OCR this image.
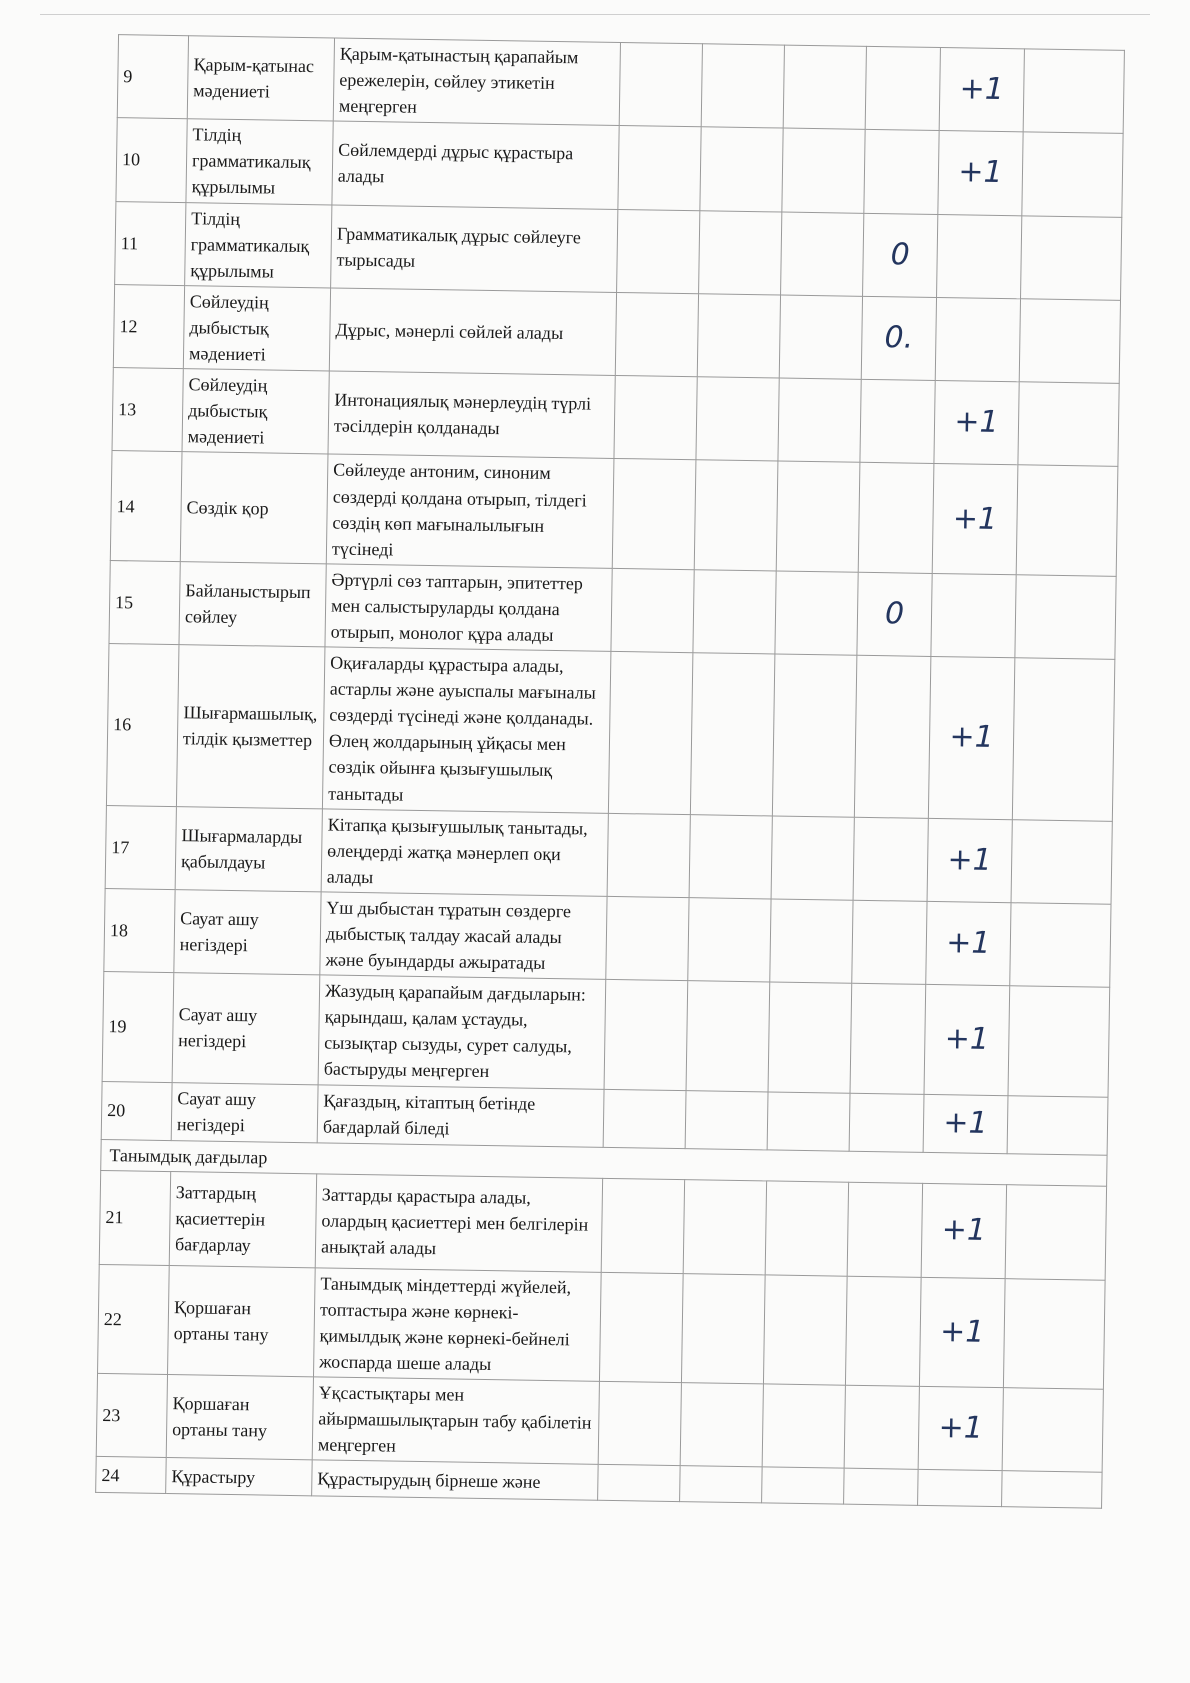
9	Қарым-қатынас мәдениеті	Қарым-қатынастың қарапайым ережелерін, сөйлеу этикетін меңгерген					+1	
10	Тілдің грамматикалық құрылымы	Сөйлемдерді дұрыс құрастыра алады					+1	
11	Тілдің грамматикалық құрылымы	Грамматикалық дұрыс сөйлеуге тырысады				0		
12	Сөйлеудің дыбыстық мәдениеті	Дұрыс, мәнерлі сөйлей алады				0.		
13	Сөйлеудің дыбыстық мәдениеті	Интонациялық мәнерлеудің түрлі тәсілдерін қолданады					+1	
14	Сөздік қор	Сөйлеуде антоним, синоним сөздерді қолдана отырып, тілдегі сөздің көп мағыналылығын түсінеді					+1	
15	Байланыстырып сөйлеу	Әртүрлі сөз таптарын, эпитеттер мен салыстыруларды қолдана отырып, монолог құра алады				0		
16	Шығармашылық, тілдік қызметтер	Оқиғаларды құрастыра алады, астарлы және ауыспалы мағыналы сөздерді түсінеді және қолданады. Өлең жолдарының ұйқасы мен сөздік ойынға қызығушылық танытады					+1	
17	Шығармаларды қабылдауы	Кітапқа қызығушылық танытады, өлеңдерді жатқа мәнерлеп оқи алады					+1	
18	Сауат ашу негіздері	Үш дыбыстан тұратын сөздерге дыбыстық талдау жасай алады және буындарды ажыратады					+1	
19	Сауат ашу негіздері	Жазудың қарапайым дағдыларын: қарындаш, қалам ұстауды, сызықтар сызуды, сурет салуды, бастыруды меңгерген					+1	
20	Сауат ашу негіздері	Қағаздың, кітаптың бетінде бағдарлай біледі					+1	
Танымдық дағдылар								
21	Заттардың қасиеттерін бағдарлау	Заттарды қарастыра алады, олардың қасиеттері мен белгілерін анықтай алады					+1	
22	Қоршаған ортаны тану	Танымдық міндеттерді жүйелей, топтастыра және көрнекі-қимылдық және көрнекі-бейнелі жоспарда шеше алады					+1	
23	Қоршаған ортаны тану	Ұқсастықтары мен айырмашылықтарын табу қабілетін меңгерген					+1	
24	Құрастыру	Құрастырудың бірнеше және						
